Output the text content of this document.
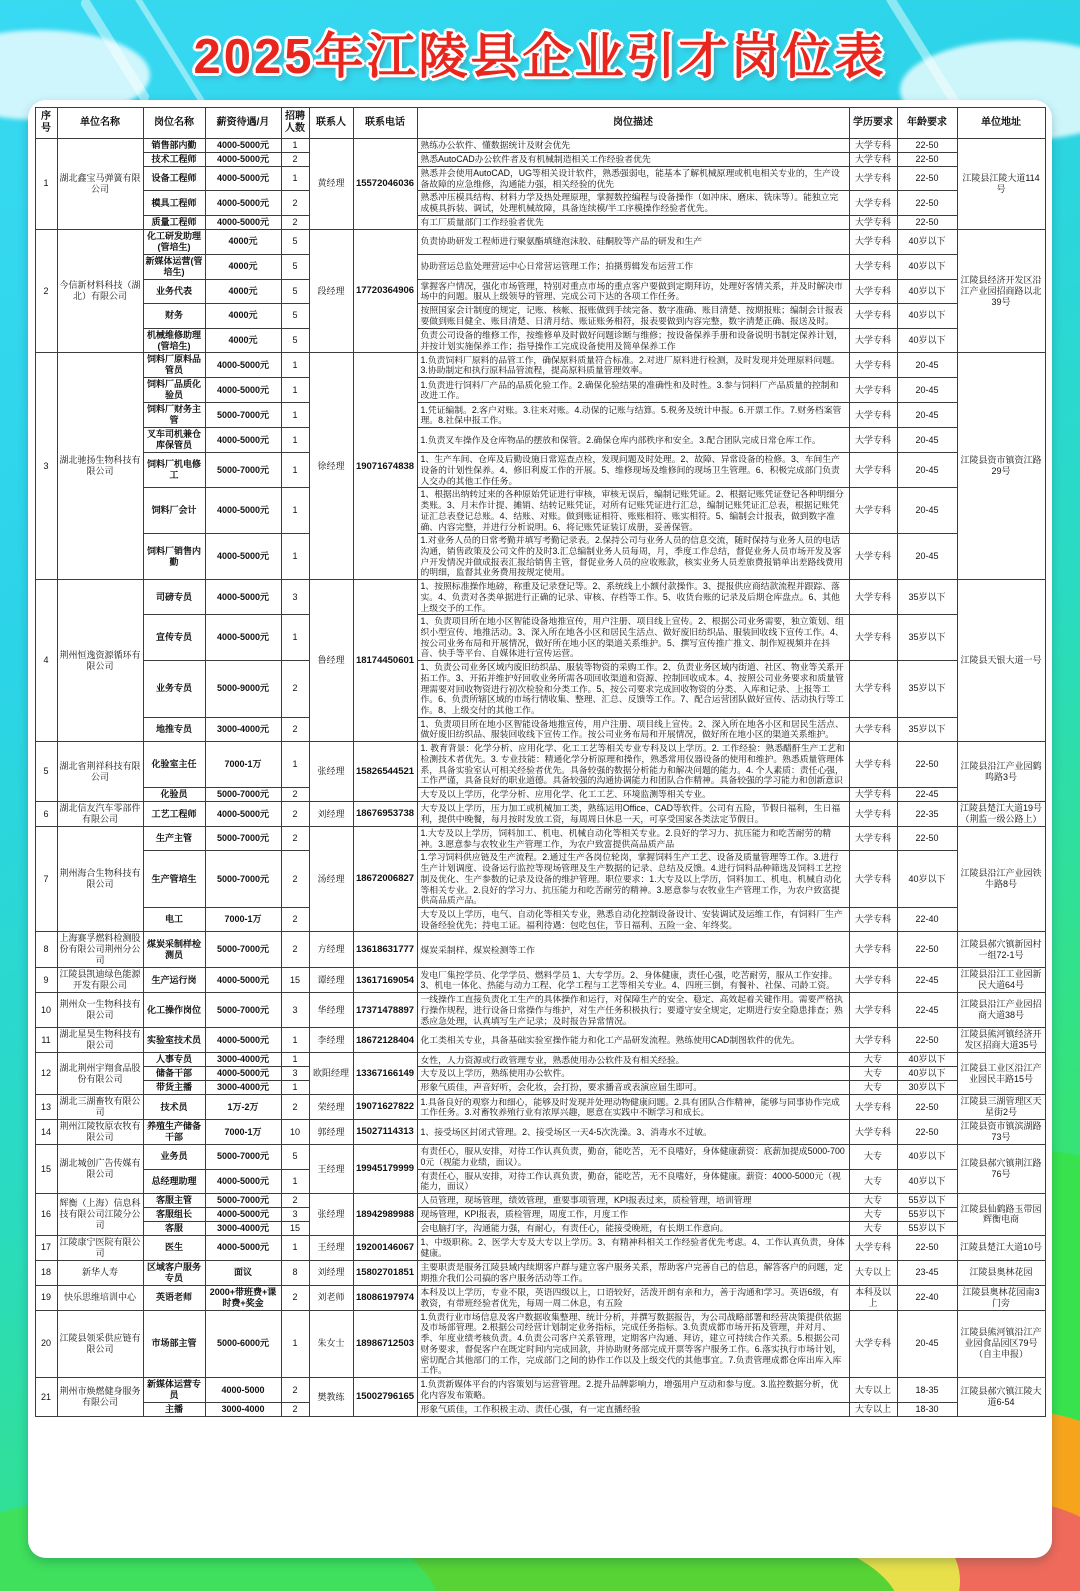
2025年江陵县企业引才岗位表
序号	单位名称	岗位名称	薪资待遇/月	招聘人数	联系人	联系电话	岗位描述	学历要求	年龄要求	单位地址
1	湖北鑫宝马弹簧有限公司	销售部内勤	4000-5000元	1	黄经理	15572046036	熟练办公软件、懂数据统计及财会优先	大学专科	22-50	江陵县江陵大道114号
		技术工程师	4000-5000元	2			熟悉AutoCAD办公软件者及有机械制造相关工作经验者优先	大学专科	22-50	
		设备工程师	4000-5000元	1			熟悉并会使用AutoCAD，UG等相关设计软件，熟悉强弱电，能基本了解机械原理或机电相关专业的，生产设备故障的应急维修，沟通能力强，相关经验的优先	大学专科	22-50	
		模具工程师	4000-5000元	2			熟悉冲压模具结构、材料力学及热处理原理，掌握数控编程与设备操作（如冲床、磨床、铣床等）。能独立完成模具拆装、调试，处理机械故障，具备连续模/半工序模操作经验者优先。	大学专科	22-50	
		质量工程师	4000-5000元	2			有工厂质量部门工作经验者优先	大学专科	22-50	
2	今信新材料科技（湖北）有限公司	化工研发助理(管培生)	4000元	5	段经理	17720364906	负责协助研发工程师进行聚氨酯填缝泡沫胶、硅酮胶等产品的研发和生产	大学专科	40岁以下	江陵县经济开发区沿江产业园招商路以北39号
		新媒体运营(管培生)	4000元	5			协助营运总监处理营运中心日常营运管理工作；拍摄剪辑发布运营工作	大学专科	40岁以下	
		业务代表	4000元	5			掌握客户情况，强化市场管理，特别对重点市场的重点客户要做到定期拜访，处理好客情关系，并及时解决市场中的问题。服从上级领导的管理、完成公司下达的各项工作任务。	大学专科	40岁以下	
		财务	4000元	5			按照国家会计制度的规定，记账、核帐、报账做到手续完备、数字准确、账目清楚、按期报账；编制会计报表要做到账目健全、账目清楚、日清月结、账证账务相符，报表要做到内容完整，数字清楚正确、报送及时。	大学专科	40岁以下	
		机械维修助理(管培生)	4000元	5			负责公司设备的维修工作，按维修单及时做好问题诊断与维修；按设备保养手册和设备说明书制定保养计划，并按计划实施保养工作；指导操作工完成设备使用及简单保养工作	大学专科	40岁以下	
3	湖北驰扬生物科技有限公司	饲料厂原料品管员	4000-5000元	1	徐经理	19071674838	1.负责饲料厂原料的品管工作，确保原料质量符合标准。2.对进厂原料进行检测，及时发现并处理原料问题。3.协助制定和执行原料品管流程，提高原料质量管理效率。	大学专科	20-45	江陵县资市镇资江路29号
		饲料厂品质化验员	4000-5000元	1			1.负责进行饲料厂产品的品质化验工作。2.确保化验结果的准确性和及时性。3.参与饲料厂产品质量的控制和改进工作。	大学专科	20-45	
		饲料厂财务主管	5000-7000元	1			1.凭证编制。2.客户对账。3.往来对账。4.动保的记账与结算。5.税务及统计申报。6.开票工作。7.财务档案管理。8.社保申报工作。	大学专科	20-45	
		叉车司机兼仓库保管员	4000-5000元	1			1.负责叉车操作及仓库物品的摆放和保管。2.确保仓库内部秩序和安全。3.配合团队完成日常仓库工作。	大学专科	20-45	
		饲料厂机电修工	5000-7000元	1			1、生产车间、仓库及后勤设施日常巡查点检，发现问题及时处理。2、故障、异常设备的检修。3、车间生产设备的计划性保养。4、修旧利废工作的开展。5、维修现场及维修间的现场卫生管理。6、积极完成部门负责人交办的其他工作任务。	大学专科	20-45	
		饲料厂会计	4000-5000元	1			1、根据出纳转过来的各种原始凭证进行审核，审核无误后，编制记账凭证。2、根据记账凭证登记各种明细分类账。3、月末作计提、摊销、结转记账凭证，对所有记账凭证进行汇总，编制记账凭证汇总表，根据记账凭证汇总表登记总账。4、结账、对账。做到账证相符、账账相符、账实相符。5、编制会计报表，做到数字准确、内容完整，并进行分析说明。6、将记账凭证装订成册，妥善保管。	大学专科	20-45	
		饲料厂销售内勤	4000-5000元	1			1.对业务人员的日常考勤并填写考勤记录表。2.保持公司与业务人员的信息交流，随时保持与业务人员的电话沟通，销售政策及公司文件的及时3.汇总编制业务人员每周，月，季度工作总结，督促业务人员市场开发及客户开发情况并做成报表汇报给销售主管，督促业务人员的应收账款，核实业务人员差旅费报销单出差路线费用的明细，监督其业务费用按规定使用。	大学专科	20-45	
4	荆州恒逸资源循环有限公司	司磅专员	4000-5000元	3	鲁经理	18174450601	1、按照标准操作地磅，称重及记录登记等。2、系统线上小额付款操作。3、提报供应商结款流程并跟踪、落实。4、负责对各类单据进行正确的记录、审核、存档等工作。5、收货台账的记录及后期仓库盘点。6、其他上级交予的工作。	大学专科	35岁以下	江陵县天银大道一号
		宣传专员	4000-5000元	1			1、负责项目所在地小区智能设备地推宣传，用户注册、项目线上宣传。2、根据公司业务需要，独立策划、组织小型宣传、地推活动。3、深入所在地各小区和居民生活点、做好废旧纺织品、服装回收线下宣传工作。4、按公司业务布局和开展情况，做好所在地小区的渠道关系维护。5、撰写宣传推广推文、制作短视频并在抖音、快手等平台、自媒体进行宣传运营。	大学专科	35岁以下	
		业务专员	5000-9000元	2			1、负责公司业务区域内废旧纺织品、服装等物资的采购工作。2、负责业务区域内街道、社区、物业等关系开拓工作。3、开拓并维护好回收业务所需各项回收渠道和资源、控制回收成本。4、按照公司业务要求和质量管理需要对回收物资进行初次检验和分类工作。5、按公司要求完成回收物资的分类、入库和记录、上报等工作。6、负责所辖区域的市场行情收集、整理、汇总、反馈等工作。7、配合运营团队做好宣传、活动执行等工作。8、上级交付的其他工作。	大学专科	35岁以下	
		地推专员	3000-4000元	2			1、负责项目所在地小区智能设备地推宣传，用户注册、项目线上宣传。2、深入所在地各小区和居民生活点、做好废旧纺织品、服装回收线下宣传工作。按公司业务布局和开展情况，做好所在地小区的渠道关系维护。	大学专科	35岁以下	
5	湖北省荆祥科技有限公司	化验室主任	7000-1万	1	张经理	15826544521	1. 教育背景：化学分析、应用化学、化工工艺等相关专业专科及以上学历。2. 工作经验：熟悉醋酐生产工艺和检测技术者优先。3. 专业技能：精通化学分析原理和操作，熟悉常用仪器设备的使用和维护。熟悉质量管理体系，具备实验室认可相关经验者优先。具备较强的数据分析能力和解决问题的能力。4. 个人素质：责任心强，工作严谨，具备良好的职业道德。具备较强的沟通协调能力和团队合作精神。具备较强的学习能力和创新意识	大学专科	22-50	江陵县沿江产业园鹤鸣路3号
		化验员	5000-7000元	2			大专及以上学历，化学分析、应用化学、化工工艺、环境监测等相关专业。	大学专科	22-45	
6	湖北信友汽车零部件有限公司	工艺工程师	4000-5000元	2	刘经理	18676953738	大专及以上学历，压力加工或机械加工类，熟练运用Office、CAD等软件。公司有五险，节假日福利，生日福利，提供中晚餐，每月按时发放工资，每周周日休息一天，可享受国家各类法定节假日。	大学专科	22-35	江陵县楚江大道19号（荆监一级公路上）
7	荆州海合生物科技有限公司	生产主管	5000-7000元	2	汤经理	18672006827	1.大专及以上学历，饲料加工、机电、机械自动化等相关专业。2.良好的学习力、抗压能力和吃苦耐劳的精神。3.愿意参与农牧业生产管理工作，为农户致富提供高品质产品	大学专科	22-50	江陵县沿江产业园铁牛路8号
		生产管培生	5000-7000元	2			1.学习饲料供应链及生产流程。2.通过生产各岗位轮岗，掌握饲料生产工艺、设备及质量管理等工作。3.进行生产计划调度、设备运行监控等现场管理及生产数据的记录、总结及反馈。4.进行饲料品种筛选及饲料工艺控制及优化、生产参数的记录及设备的维护管理。职位要求：1.大专及以上学历，饲料加工、机电、机械自动化等相关专业。2.良好的学习力、抗压能力和吃苦耐劳的精神。3.愿意参与农牧业生产管理工作，为农户致富提供高品质产品。	大学专科	40岁以下	
		电工	7000-1万	2			大专及以上学历，电气、自动化等相关专业，熟悉自动化控制设备设计、安装调试及运维工作，有饲料厂生产设备经验优先；持电工证。福利待遇：包吃包住，节日福利、五险一金、年终奖。	大学专科	22-40	
8	上海赛孚燃料检测股份有限公司荆州分公司	煤炭采制样检测员	5000-7000元	2	方经理	13618631777	煤炭采制样、煤炭检测等工作	大学专科	22-50	江陵县郝穴镇新园村一组72-1号
9	江陵县凯迪绿色能源开发有限公司	生产运行岗	4000-5000元	15	谭经理	13617169054	发电厂集控学员、化学学员、燃料学员 1、大专学历。2、身体健康，责任心强，吃苦耐劳，服从工作安排。3、机电一体化、热能与动力工程、化学工程与工艺等相关专业。4、四班三倒，有餐补、社保、司龄工资。	大学专科	22-45	江陵县沿江工业园新民大道64号
10	荆州众一生物科技有限公司	化工操作岗位	5000-7000元	3	华经理	17371478897	一线操作工直接负责化工生产的具体操作和运行，对保障生产的安全、稳定、高效起着关键作用。需要严格执行操作规程，进行设备日常操作与维护，对生产任务积极执行；要遵守安全规定，定期进行安全隐患排查；熟悉应急处理，认真填写生产记录；及时报告异常情况。	大学专科	22-45	江陵县沿江产业园招商大道38号
11	湖北星昊生物科技有限公司	实验室技术员	4000-5000元	1	李经理	18672128404	化工类相关专业，具备基础实验室操作能力和化工产品研发流程。熟练使用CAD制图软件的优先。	大学专科	22-50	江陵县熊河镇经济开发区招商大道35号
12	湖北荆州宇翔食品股份有限公司	人事专员	3000-4000元	1	欧阳经理	13367166149	女性，人力资源或行政管理专业，熟悉使用办公软件及有相关经验。	大专	40岁以下	江陵县工业区沿江产业园民丰路15号
		储备干部	4000-5000元	3			大专及以上学历，熟练使用办公软件。	大专	40岁以下	
		带货主播	3000-4000元	1			形象气质佳，声音好听，会化妆，会打扮，要求播音或表演应届生即可。	大专	30岁以下	
13	湖北三湖畜牧有限公司	技术员	1万-2万	2	荣经理	19071627822	1.具备良好的观察力和细心，能够及时发现并处理动物健康问题。2.具有团队合作精神，能够与同事协作完成工作任务。3.对畜牧养殖行业有浓厚兴趣，愿意在实践中不断学习和成长。	大学专科	22-50	江陵县三湖管理区天星街2号
14	荆州江陵牧原农牧有限公司	养殖生产储备干部	7000-1万	10	郭经理	15027114313	1、接受场区封闭式管理。2、接受场区一天4-5次洗澡。3、消毒水不过敏。	大学专科	22-50	江陵县资市镇滨湖路73号
15	湖北城创广告传媒有限公司	业务员	5000-7000元	5	王经理	19945179999	有责任心，服从安排，对待工作认真负责，勤奋，能吃苦，无不良嗜好，身体健康薪资：底薪加提成5000-7000元（视能力业绩，面议）。	大专	40岁以下	江陵县郝穴镇荆江路76号
		总经理助理	4000-5000元	1			有责任心，服从安排，对待工作认真负责，勤奋，能吃苦，无不良嗜好，身体健康。薪资：4000-5000元（视能力，面议）	大专	40岁以下	
16	辉衡（上海）信息科技有限公司江陵分公司	客服主管	5000-7000元	2	张经理	18942989988	人员管理，现场管理，绩效管理，重要事项管理，KPI报表过来，质检管理，培训管理	大专	55岁以下	江陵县仙鹤路玉带园辉衡电商
		客服组长	4000-5000元	3			现场管理，KPI报表，质检管理，周度工作，月度工作	大专	55岁以下	
		客服	3000-4000元	15			会电脑打字，沟通能力强，有耐心，有责任心，能接受晚班，有长期工作意向。	大专	55岁以下	
17	江陵康宁医院有限公司	医生	4000-5000元	1	王经理	19200146067	1、中级职称。2、医学大专及大专以上学历。3、有精神科相关工作经验者优先考虑。4、工作认真负责，身体健康。	大学专科	22-50	江陵县楚江大道10号
18	新华人寿	区域客户服务专员	面议	8	刘经理	15802701851	主要职责是服务江陵县域内续期客户群与建立客户服务关系，帮助客户完善自己的信息，解答客户的问题，定期推介我们公司搞的客户服务活动等工作。	大专以上	23-45	江陵县奥林花园
19	快乐思维培训中心	英语老师	2000+带班费+课时费+奖金	2	刘老师	18086197974	本科及以上学历，专业不限，英语四级以上，口语较好，活泼开朗有亲和力，善于沟通和学习。英语6级，有教资，有带班经验者优先，每周一周二休息，有五险	本科及以上	22-40	江陵县奥林花园南3门旁
20	江陵县领采供应链有限公司	市场部主管	5000-6000元	1	朱女士	18986712503	1.负责行业市场信息及客户数据收集整理、统计分析，并撰写数据报告，为公司战略部署和经营决策提供依据及市场部管理。2.根据公司经营计划制定业务指标，完成任务指标。3.负责成都市场开拓及管理，并对月、季、年度业绩考核负责。4.负责公司客户关系管理，定期客户沟通、拜访，建立可持续合作关系。5.根据公司财务要求，督促客户在既定时间内完成回款，并协助财务部完成开票等客户服务工作。6.落实执行市场计划，密切配合其他部门的工作，完成部门之间的协作工作以及上级交代的其他事宜。7.负责管理成都仓库出库入库工作。	大学专科	20-45	江陵县熊河镇沿江产业园食品园区79号（自主申报）
21	荆州市焕燃健身服务有限公司	新媒体运营专员	4000-5000	2	樊教练	15002796165	1.负责新媒体平台的内容策划与运营管理。2.提升品牌影响力，增强用户互动和参与度。3.监控数据分析，优化内容发布策略。	大专以上	18-35	江陵县郝穴镇江陵大道6-54
		主播	3000-4000	2			形象气质佳，工作积极主动、责任心强，有一定直播经验	大专以上	18-30	
